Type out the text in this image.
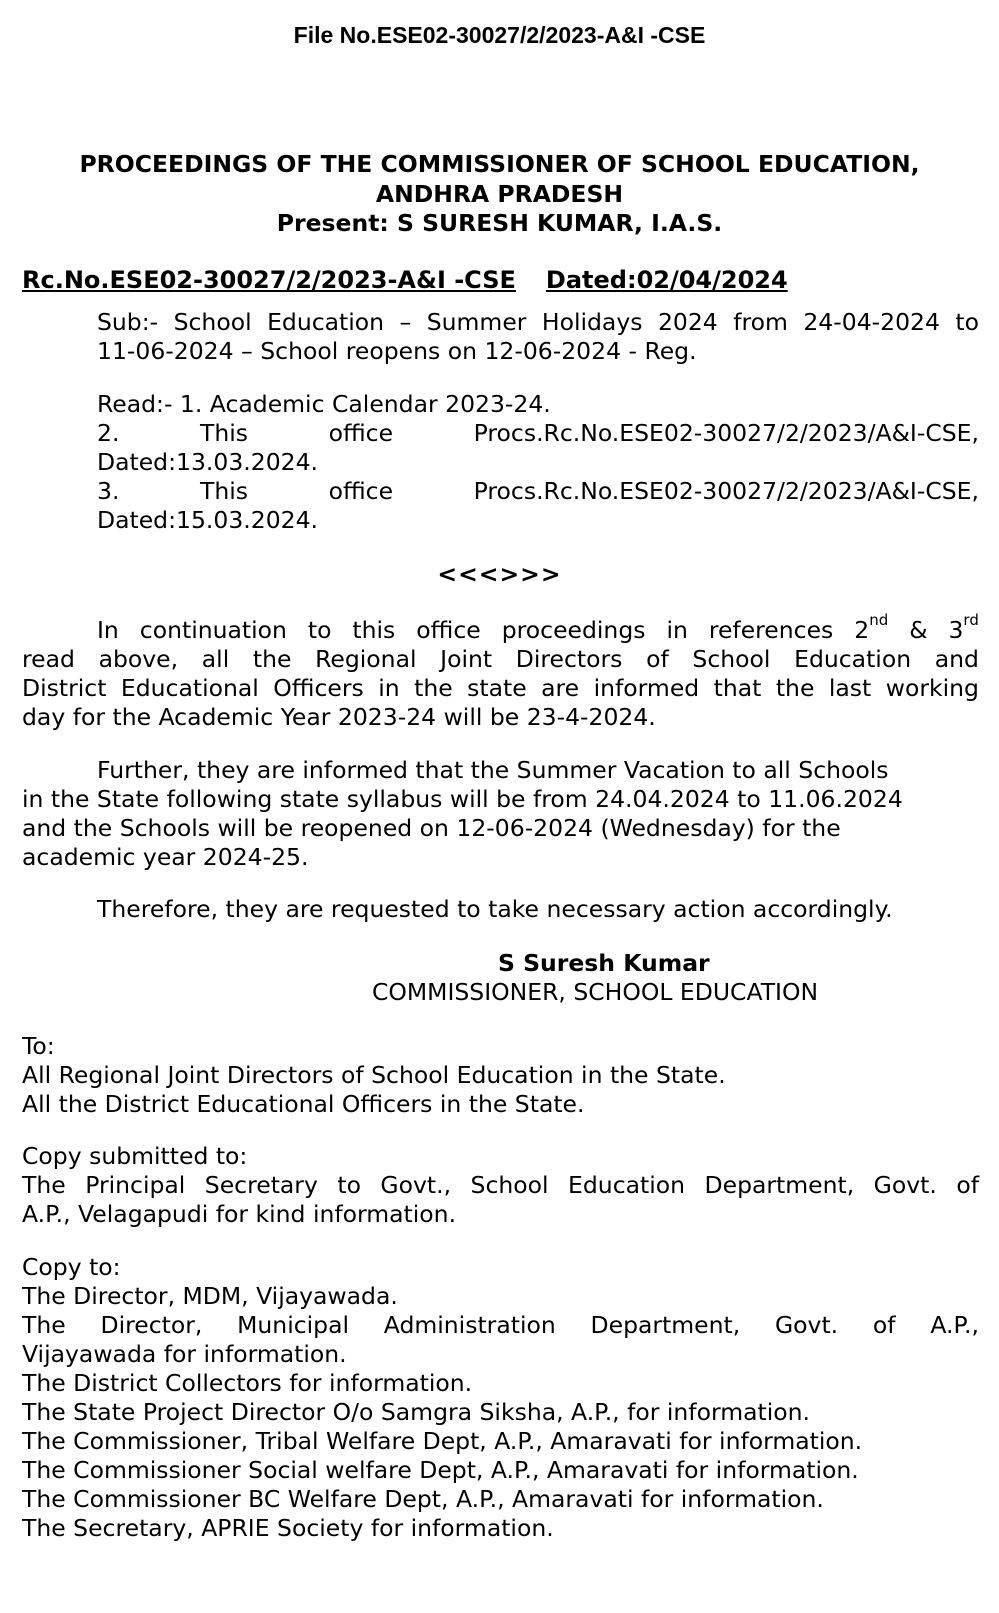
File No.ESE02-30027/2/2023-A&I -CSE
PROCEEDINGS OF THE COMMISSIONER OF SCHOOL EDUCATION,
ANDHRA PRADESH
Present: S SURESH KUMAR, I.A.S.
Rc.No.ESE02-30027/2/2023-A&I -CSE Dated:02/04/2024
Sub:- School Education – Summer Holidays 2024 from 24-04-2024 to
11-06-2024 – School reopens on 12-06-2024 - Reg.
Read:- 1. Academic Calendar 2023-24.
2.	This	office	Procs.Rc.No.ESE02-30027/2/2023/A&I-CSE,
Dated:13.03.2024.
3.	This	office	Procs.Rc.No.ESE02-30027/2/2023/A&I-CSE,
Dated:15.03.2024.
<<<>>>
In continuation to this office proceedings in references 2nd & 3rd
read above, all the Regional Joint Directors of School Education and
District Educational Officers in the state are informed that the last working
day for the Academic Year 2023-24 will be 23-4-2024.
Further, they are informed that the Summer Vacation to all Schools
in the State following state syllabus will be from 24.04.2024 to 11.06.2024
and the Schools will be reopened on 12-06-2024 (Wednesday) for the
academic year 2024-25.
Therefore, they are requested to take necessary action accordingly.
S Suresh Kumar
COMMISSIONER, SCHOOL EDUCATION
To:
All Regional Joint Directors of School Education in the State.
All the District Educational Officers in the State.
Copy submitted to:
The Principal Secretary to Govt., School Education Department, Govt. of
A.P., Velagapudi for kind information.
Copy to:
The Director, MDM, Vijayawada.
The Director, Municipal Administration Department, Govt. of A.P.,
Vijayawada for information.
The District Collectors for information.
The State Project Director O/o Samgra Siksha, A.P., for information.
The Commissioner, Tribal Welfare Dept, A.P., Amaravati for information.
The Commissioner Social welfare Dept, A.P., Amaravati for information.
The Commissioner BC Welfare Dept, A.P., Amaravati for information.
The Secretary, APRIE Society for information.
